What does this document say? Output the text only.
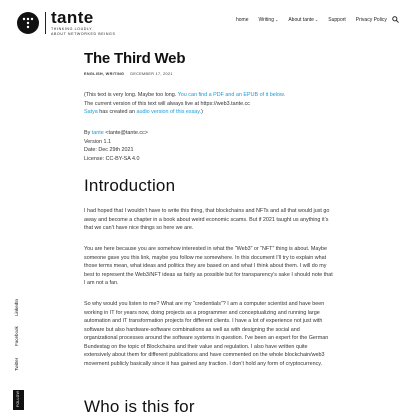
tante
THINKING LOUDLY
ABOUT NETWORKED BEINGS
home Writing⌄ About tante⌄ Support Privacy Policy
The Third Web
ENGLISH, WRITING DECEMBER 17, 2021

(This text is very long. Maybe too long. You can find a PDF and an EPUB of it below.

The current version of this text will always live at https://web3.tante.cc

Satya has created an audio version of this essay.)

By tante <tante@tante.cc>

Version 1.1

Date: Dec 29th 2021

License: CC-BY-SA 4.0

Introduction

I had hoped that I wouldn’t have to write this thing, that blockchains and NFTs and all that would just go away and become a chapter in a book about weird economic scams. But if 2021 taught us anything it’s that we can’t have nice things so here we are.

You are here because you are somehow interested in what the “Web3” or “NFT” thing is about. Maybe someone gave you this link, maybe you follow me somewhere. In this document I’ll try to explain what those terms mean, what ideas and politics they are based on and what I think about them. I will do my best to represent the Web3/NFT ideas as fairly as possible but for transparency’s sake I should note that I am not a fan.

So why would you listen to me? What are my “credentials”? I am a computer scientist and have been working in IT for years now, doing projects as a programmer and conceptualizing and running large automation and IT transformation projects for different clients. I have a lot of experience not just with software but also hardware-software combinations as well as with designing the social and organizational processes around the software systems in question. I’ve been an expert for the German Bundestag on the topic of Blockchains and their value and regulation. I also have written quite extensively about them for different publications and have commented on the whole blockchain/web3 movement publicly basically since it has gained any traction. I don’t hold any form of cryptocurrency.

Who is this for
LinkedIn
Facebook
Twitter
FOLLOW
